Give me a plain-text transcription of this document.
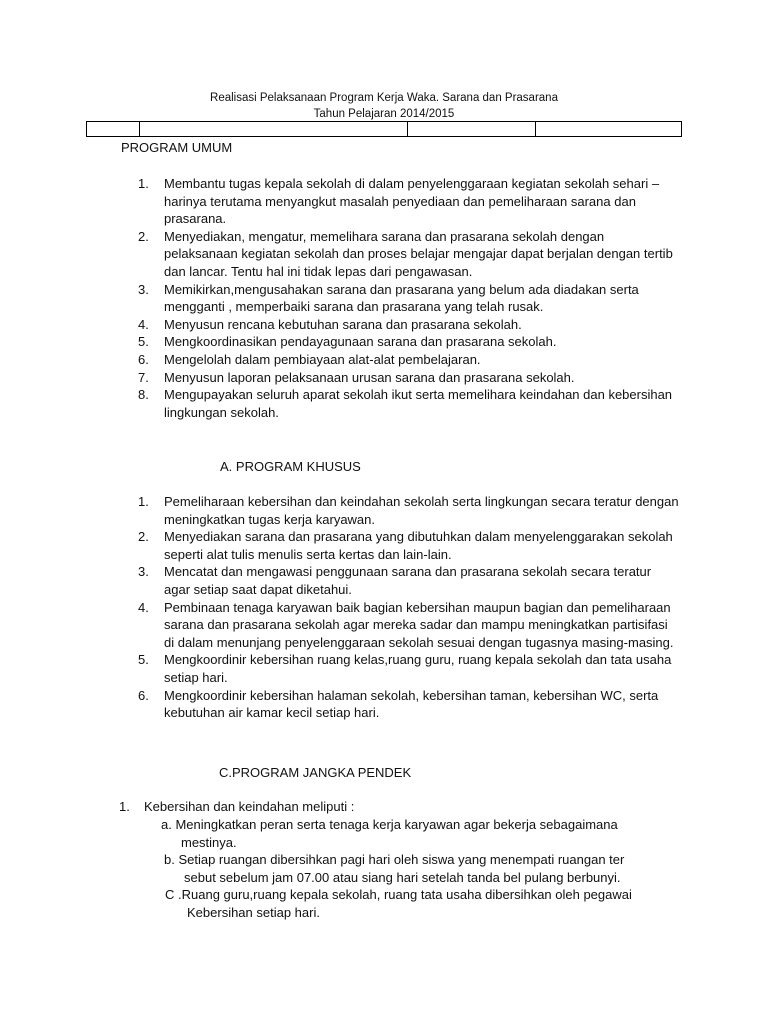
Realisasi Pelaksanaan Program Kerja Waka. Sarana dan Prasarana
Tahun Pelajaran 2014/2015

PROGRAM UMUM
1. Membantu tugas kepala sekolah di dalam penyelenggaraan kegiatan sekolah sehari –harinya terutama menyangkut masalah penyediaan dan pemeliharaan sarana dan prasarana.
2. Menyediakan, mengatur, memelihara sarana dan prasarana sekolah dengan pelaksanaan kegiatan sekolah dan proses belajar mengajar dapat berjalan dengan tertib dan lancar. Tentu hal ini tidak lepas dari pengawasan.
3. Memikirkan,mengusahakan sarana dan prasarana yang belum ada diadakan serta mengganti , memperbaiki sarana dan prasarana yang telah rusak.
4. Menyusun rencana kebutuhan sarana dan prasarana sekolah.
5. Mengkoordinasikan pendayagunaan sarana dan prasarana sekolah.
6. Mengelolah dalam pembiayaan alat-alat pembelajaran.
7. Menyusun laporan pelaksanaan urusan sarana dan prasarana sekolah.
8. Mengupayakan seluruh aparat sekolah ikut serta memelihara keindahan dan kebersihan lingkungan sekolah.
A. PROGRAM KHUSUS
1. Pemeliharaan kebersihan dan keindahan sekolah serta lingkungan secara teratur dengan meningkatkan tugas kerja karyawan.
2. Menyediakan sarana dan prasarana yang dibutuhkan dalam menyelenggarakan sekolah seperti alat tulis menulis serta kertas dan lain-lain.
3. Mencatat dan mengawasi penggunaan sarana dan prasarana sekolah secara teratur agar setiap saat dapat diketahui.
4. Pembinaan tenaga karyawan baik bagian kebersihan maupun bagian dan pemeliharaan sarana dan prasarana sekolah agar mereka sadar dan mampu meningkatkan partisifasi di dalam menunjang penyelenggaraan sekolah sesuai dengan tugasnya masing-masing.
5. Mengkoordinir kebersihan ruang kelas,ruang guru, ruang kepala sekolah dan tata usaha setiap hari.
6. Mengkoordinir kebersihan halaman sekolah, kebersihan taman, kebersihan WC, serta kebutuhan air kamar kecil setiap hari.
C.PROGRAM JANGKA PENDEK
1. Kebersihan dan keindahan meliputi :
a. Meningkatkan peran serta tenaga kerja karyawan agar bekerja sebagaimana
mestinya.
b. Setiap ruangan dibersihkan pagi hari oleh siswa yang menempati ruangan ter
sebut sebelum jam 07.00 atau siang hari setelah tanda bel pulang berbunyi.
C .Ruang guru,ruang kepala sekolah, ruang tata usaha dibersihkan oleh pegawai
Kebersihan setiap hari.
